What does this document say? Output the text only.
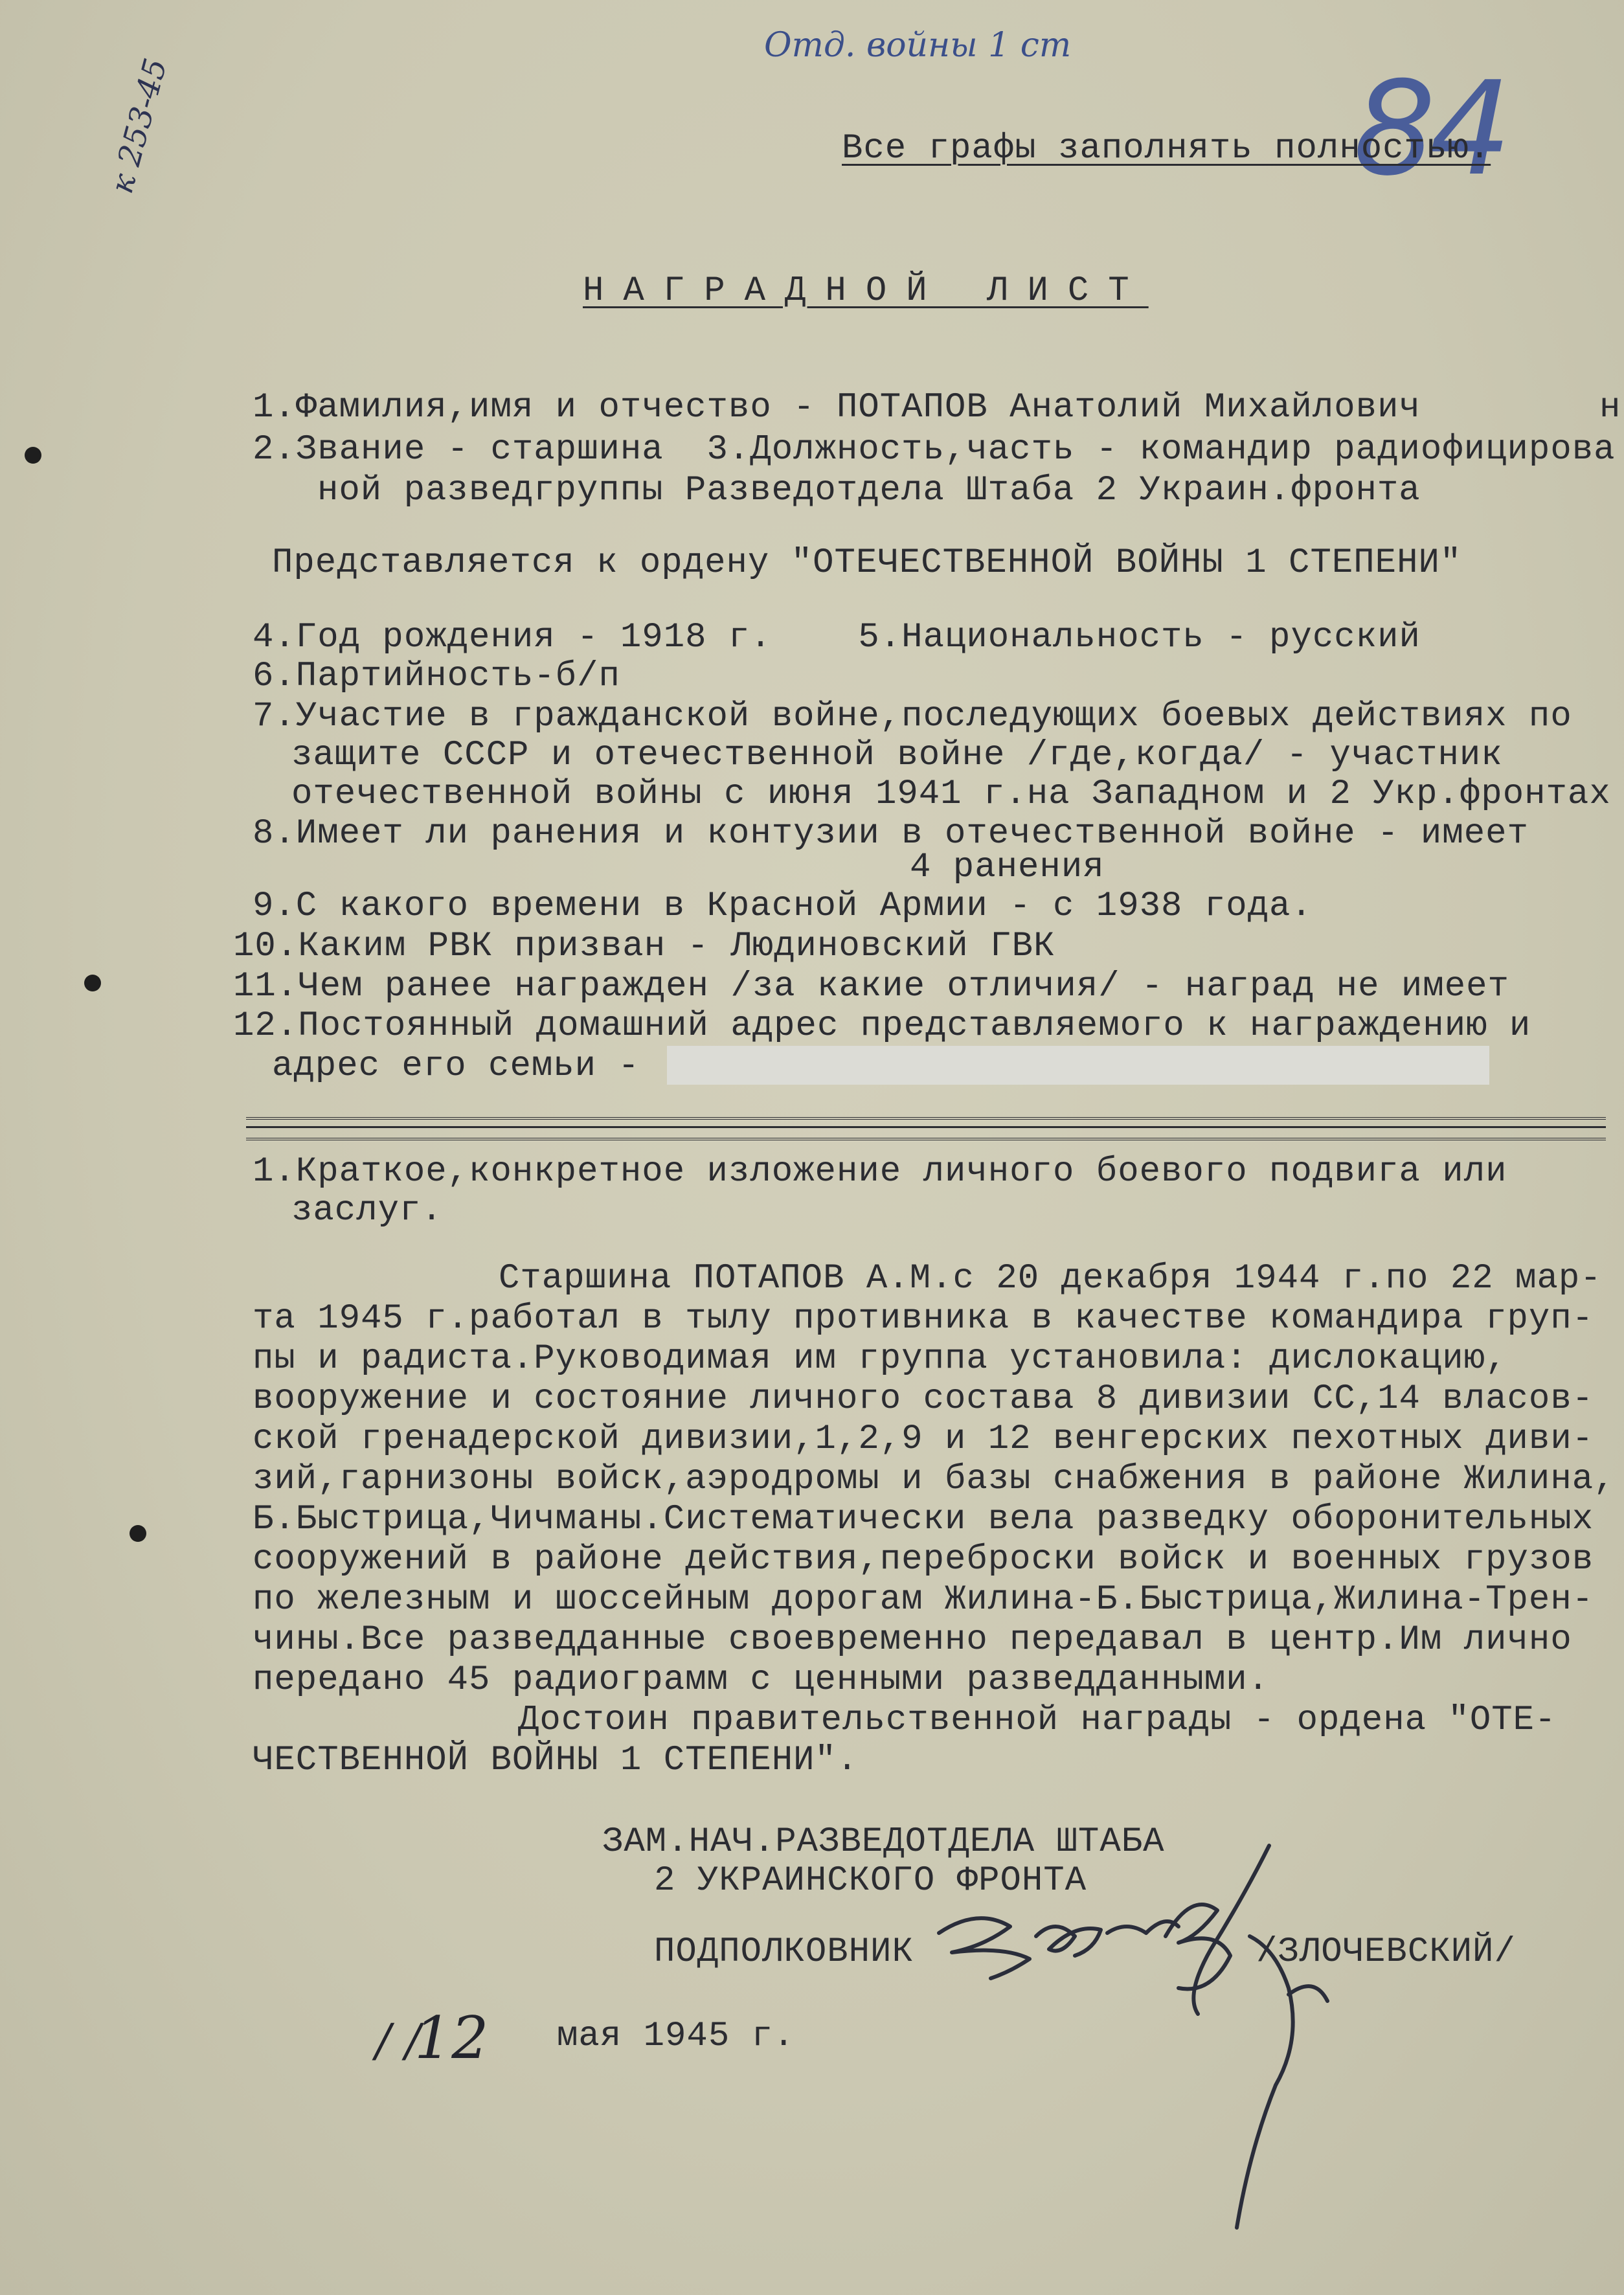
Отд. войны 1 ст
к 253-45	84
Все графы заполнять полностью.
НАГРАДНОЙ ЛИСТ
1.Фамилия,имя и отчество - ПОТАПОВ Анатолий Михайлович	н
2.Звание - старшина  3.Должность,часть - командир радиофицирова
ной разведгруппы Разведотдела Штаба 2 Украин.фронта
Представляется к ордену "ОТЕЧЕСТВЕННОЙ ВОЙНЫ 1 СТЕПЕНИ"
4.Год рождения - 1918 г.    5.Национальность - русский
6.Партийность-б/п
7.Участие в гражданской войне,последующих боевых действиях по
защите СССР и отечественной войне /где,когда/ - участник
отечественной войны с июня 1941 г.на Западном и 2 Укр.фронтах
8.Имеет ли ранения и контузии в отечественной войне - имеет
4 ранения
9.С какого времени в Красной Армии - с 1938 года.
10.Каким РВК призван - Людиновский ГВК
11.Чем ранее награжден /за какие отличия/ - наград не имеет
12.Постоянный домашний адрес представляемого к награждению и
адрес его семьи -
1.Краткое,конкретное изложение личного боевого подвига или
заслуг.
Старшина ПОТАПОВ А.М.с 20 декабря 1944 г.по 22 мар-
та 1945 г.работал в тылу противника в качестве командира груп-
пы и радиста.Руководимая им группа установила: дислокацию,
вооружение и состояние личного состава 8 дивизии СС,14 власов-
ской гренадерской дивизии,1,2,9 и 12 венгерских пехотных диви-
зий,гарнизоны войск,аэродромы и базы снабжения в районе Жилина,
Б.Быстрица,Чичманы.Систематически вела разведку оборонительных
сооружений в районе действия,переброски войск и военных грузов
по железным и шоссейным дорогам Жилина-Б.Быстрица,Жилина-Трен-
чины.Все разведданные своевременно передавал в центр.Им лично
передано 45 радиограмм с ценными разведданными.
Достоин правительственной награды - ордена "ОТЕ-
ЧЕСТВЕННОЙ ВОЙНЫ 1 СТЕПЕНИ".
ЗАМ.НАЧ.РАЗВЕДОТДЕЛА ШТАБА
2 УКРАИНСКОГО ФРОНТА
ПОДПОЛКОВНИК	/ЗЛОЧЕВСКИЙ/
12
/ /	мая 1945 г.
